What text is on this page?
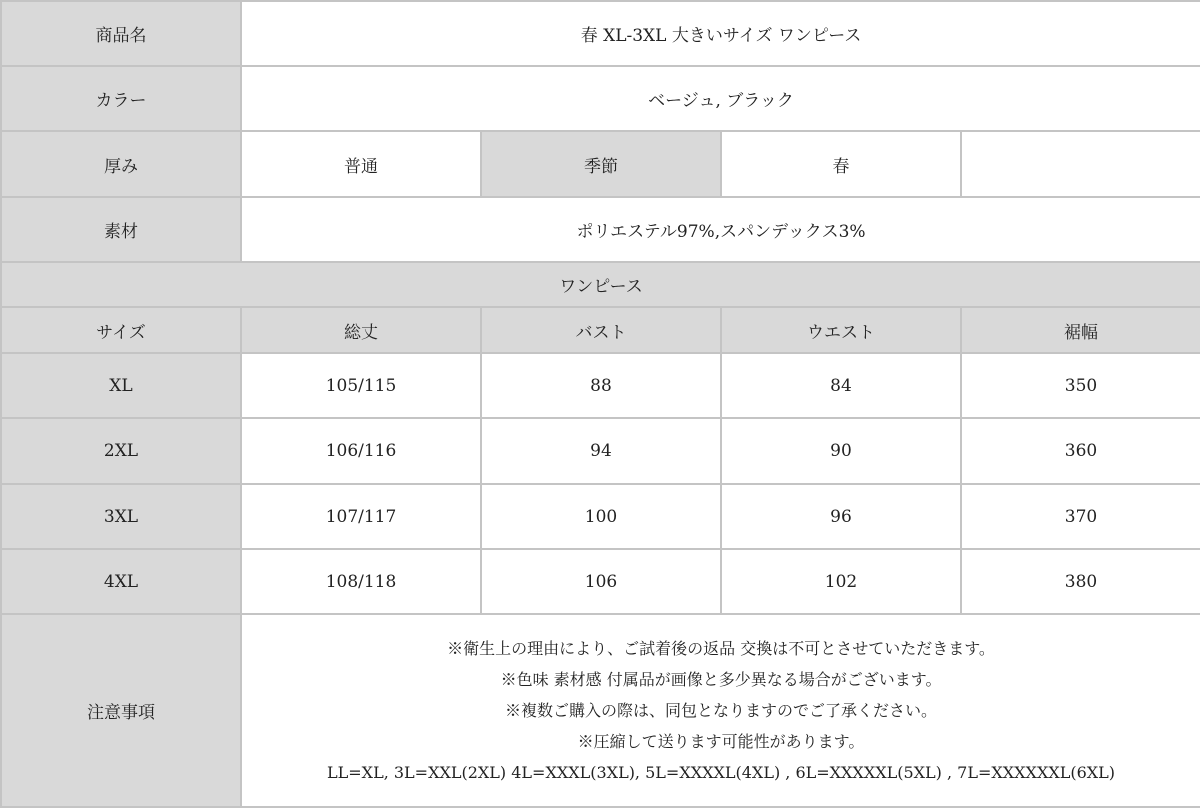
商品名	春 XL-3XL 大きいサイズ ワンピース			
カラー	ベージュ, ブラック			
厚み	普通	季節	春	
素材	ポリエステル97%,スパンデックス3%			
ワンピース				
サイズ	総丈	バスト	ウエスト	裾幅
XL	105/115	88	84	350
2XL	106/116	94	90	360
3XL	107/117	100	96	370
4XL	108/118	106	102	380
注意事項	※衛生上の理由により、ご試着後の返品 交換は不可とさせていただきます。
※色味 素材感 付属品が画像と多少異なる場合がございます。
※複数ご購入の際は、同包となりますのでご了承ください。
※圧縮して送ります可能性があります。
LL=XL, 3L=XXL(2XL) 4L=XXXL(3XL), 5L=XXXXL(4XL) , 6L=XXXXXL(5XL) , 7L=XXXXXXL(6XL)			
